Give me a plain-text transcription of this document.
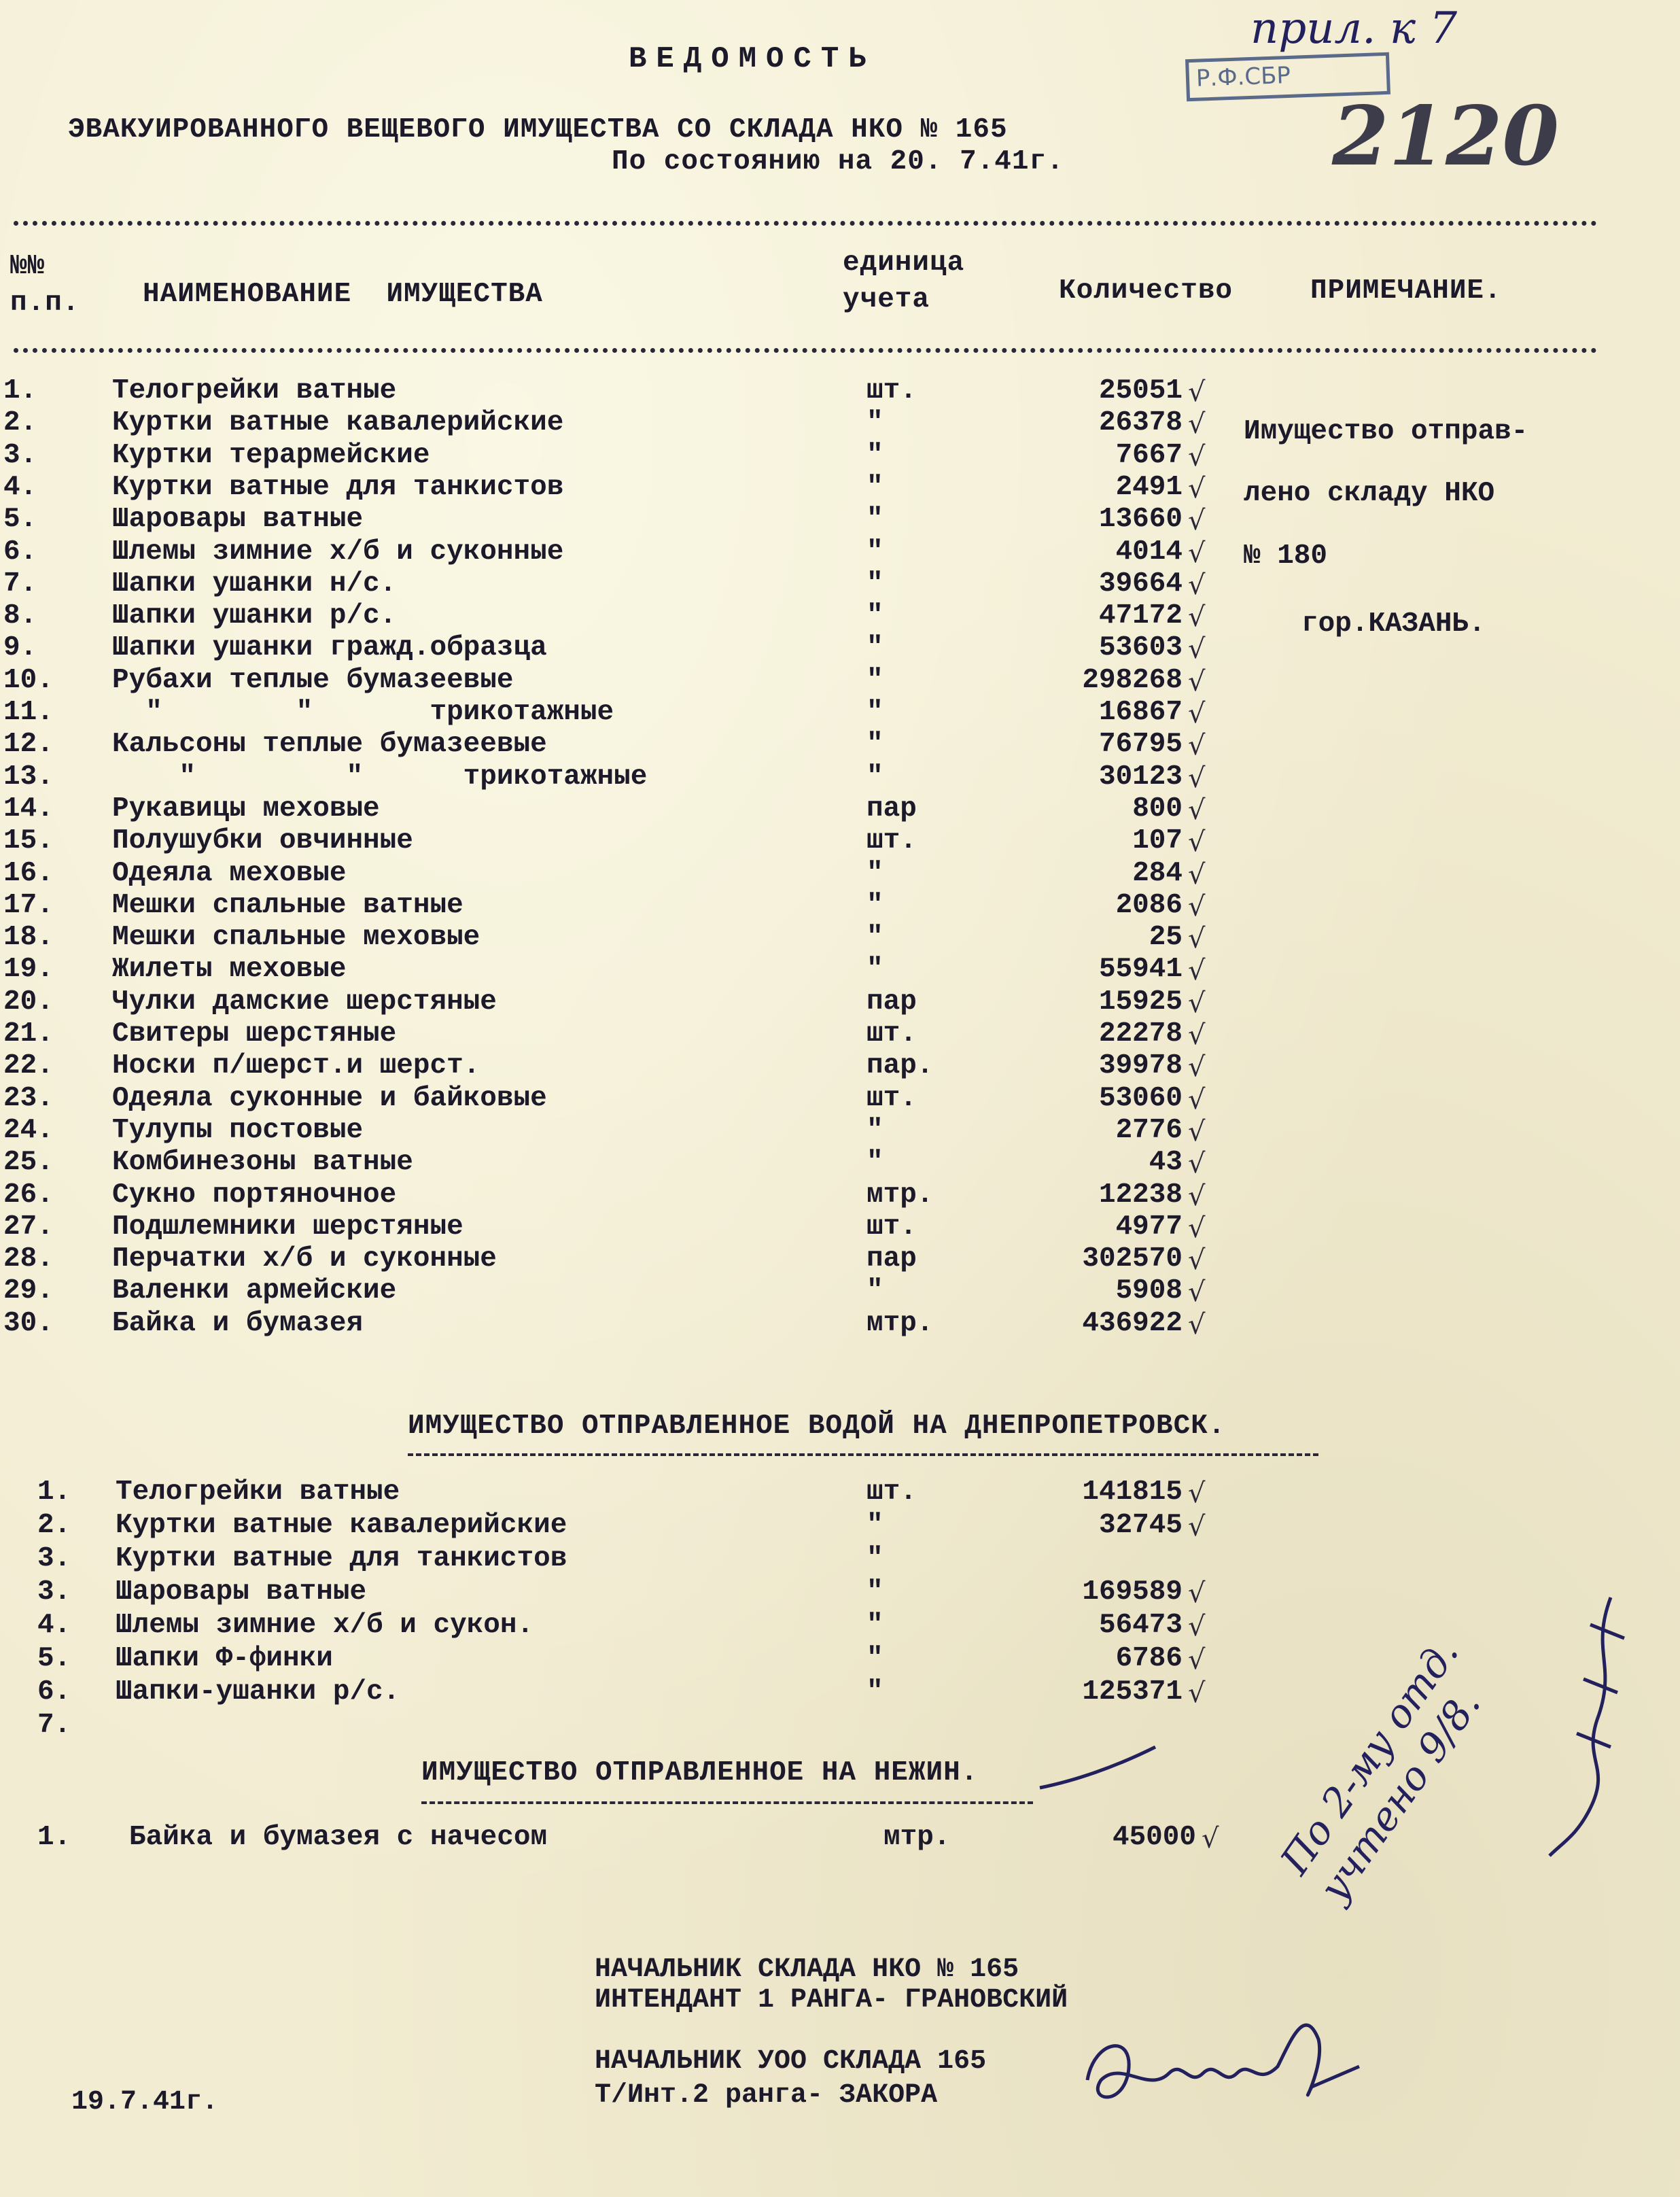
ВЕДОМОСТЬ
ЭВАКУИРОВАННОГО ВЕЩЕВОГО ИМУЩЕСТВА СО СКЛАДА НКО № 165
По состоянию на 20. 7.41г.
прил. к 7
Р.Ф.СБР
2120
№№
п.п. НАИМЕНОВАНИЕ  ИМУЩЕСТВА
единица
учета	Количество	ПРИМЕЧАНИЕ.
1.	Телогрейки ватные	шт.	25051 √
2.	Куртки ватные кавалерийские	"	26378 √
3.	Куртки терармейские	"	7667 √
4.	Куртки ватные для танкистов	"	2491 √
5.	Шаровары ватные	"	13660 √
6.	Шлемы зимние х/б и суконные	"	4014 √
7.	Шапки ушанки н/с.	"	39664 √
8.	Шапки ушанки р/с.	"	47172 √
9.	Шапки ушанки гражд.образца	"	53603 √
10. Рубахи теплые бумазеевые	"	298268 √
11. "        "       трикотажные	"	16867 √
12. Кальсоны теплые бумазеевые	"	76795 √
13. "         "      трикотажные	"	30123 √
14. Рукавицы меховые	пар	800 √
15. Полушубки овчинные	шт.	107 √
16. Одеяла меховые	"	284 √
17. Мешки спальные ватные	"	2086 √
18. Мешки спальные меховые	"	25 √
19. Жилеты меховые	"	55941 √
20. Чулки дамские шерстяные	пар	15925 √
21. Свитеры шерстяные	шт.	22278 √
22. Носки п/шерст.и шерст.	пар.	39978 √
23. Одеяла суконные и байковые	шт.	53060 √
24. Тулупы постовые	"	2776 √
25. Комбинезоны ватные	"	43 √
26. Сукно портяночное	мтр.	12238 √
27. Подшлемники шерстяные	шт.	4977 √
28. Перчатки х/б и суконные	пар	302570 √
29. Валенки армейские	"	5908 √
30. Байка и бумазея	мтр.	436922 √
Имущество отправ-
лено складу НКО
№ 180
гор.КАЗАНЬ.
ИМУЩЕСТВО ОТПРАВЛЕННОЕ ВОДОЙ НА ДНЕПРОПЕТРОВСК.
1. Телогрейки ватные	шт.	141815 √
2. Куртки ватные кавалерийские	"	32745 √
3. Куртки ватные для танкистов	"
3. Шаровары ватные	"	169589 √
4. Шлемы зимние х/б и сукон.	"	56473 √
5. Шапки Ф-финки	"	6786 √
6. Шапки-ушанки р/с.	"	125371 √
7.
ИМУЩЕСТВО ОТПРАВЛЕННОЕ НА НЕЖИН.
1. Байка и бумазея с начесом	мтр.	45000 √
НАЧАЛЬНИК СКЛАДА НКО № 165
ИНТЕНДАНТ 1 РАНГА- ГРАНОВСКИЙ
НАЧАЛЬНИК УОО СКЛАДА 165
Т/Инт.2 ранга- ЗАКОРА
19.7.41г.
По 2-му отд. учтено 9/8.
